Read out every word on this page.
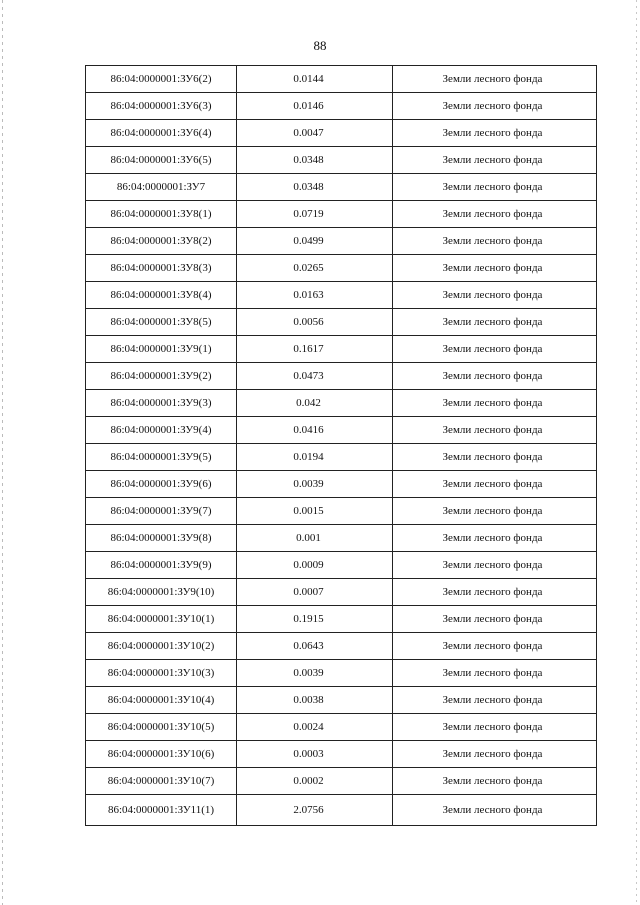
88
86:04:0000001:ЗУ6(2)	0.0144	Земли лесного фонда
86:04:0000001:ЗУ6(3)	0.0146	Земли лесного фонда
86:04:0000001:ЗУ6(4)	0.0047	Земли лесного фонда
86:04:0000001:ЗУ6(5)	0.0348	Земли лесного фонда
86:04:0000001:ЗУ7	0.0348	Земли лесного фонда
86:04:0000001:ЗУ8(1)	0.0719	Земли лесного фонда
86:04:0000001:ЗУ8(2)	0.0499	Земли лесного фонда
86:04:0000001:ЗУ8(3)	0.0265	Земли лесного фонда
86:04:0000001:ЗУ8(4)	0.0163	Земли лесного фонда
86:04:0000001:ЗУ8(5)	0.0056	Земли лесного фонда
86:04:0000001:ЗУ9(1)	0.1617	Земли лесного фонда
86:04:0000001:ЗУ9(2)	0.0473	Земли лесного фонда
86:04:0000001:ЗУ9(3)	0.042	Земли лесного фонда
86:04:0000001:ЗУ9(4)	0.0416	Земли лесного фонда
86:04:0000001:ЗУ9(5)	0.0194	Земли лесного фонда
86:04:0000001:ЗУ9(6)	0.0039	Земли лесного фонда
86:04:0000001:ЗУ9(7)	0.0015	Земли лесного фонда
86:04:0000001:ЗУ9(8)	0.001	Земли лесного фонда
86:04:0000001:ЗУ9(9)	0.0009	Земли лесного фонда
86:04:0000001:ЗУ9(10)	0.0007	Земли лесного фонда
86:04:0000001:ЗУ10(1)	0.1915	Земли лесного фонда
86:04:0000001:ЗУ10(2)	0.0643	Земли лесного фонда
86:04:0000001:ЗУ10(3)	0.0039	Земли лесного фонда
86:04:0000001:ЗУ10(4)	0.0038	Земли лесного фонда
86:04:0000001:ЗУ10(5)	0.0024	Земли лесного фонда
86:04:0000001:ЗУ10(6)	0.0003	Земли лесного фонда
86:04:0000001:ЗУ10(7)	0.0002	Земли лесного фонда
86:04:0000001:ЗУ11(1)	2.0756	Земли лесного фонда
